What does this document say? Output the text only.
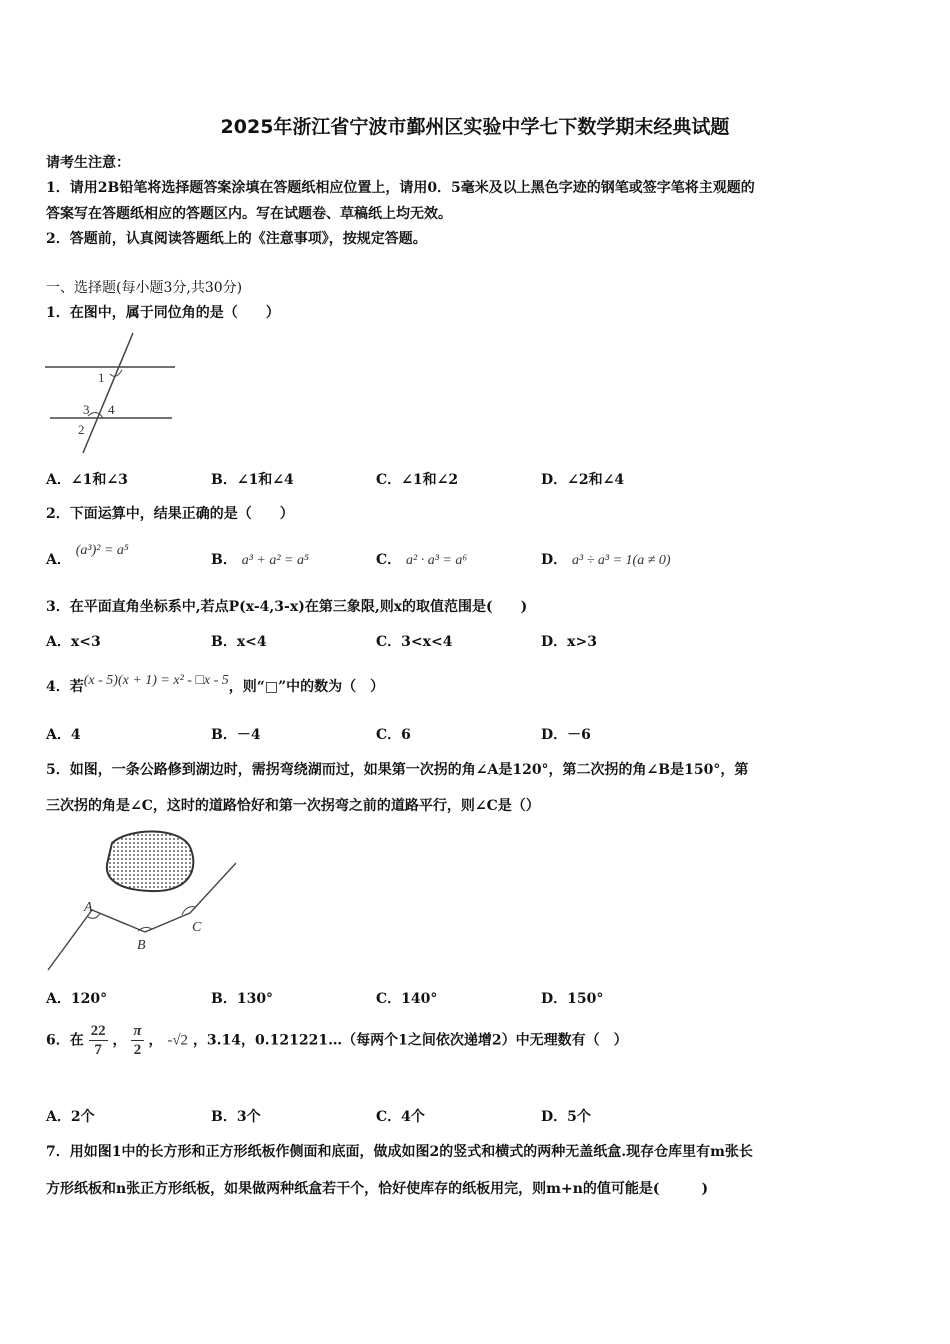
2025年浙江省宁波市鄞州区实验中学七下数学期末经典试题
请考生注意：
1．请用2B铅笔将选择题答案涂填在答题纸相应位置上，请用0．5毫米及以上黑色字迹的钢笔或签字笔将主观题的
答案写在答题纸相应的答题区内。写在试题卷、草稿纸上均无效。
2．答题前，认真阅读答题纸上的《注意事项》，按规定答题。
一、选择题(每小题3分,共30分)
1．在图中，属于同位角的是（　　）
1
3 4
2
A．∠1和∠3	B．∠1和∠4	C．∠1和∠2	D．∠2和∠4
2．下面运算中，结果正确的是（　　）
A． (a³)² = a⁵
B． a³ + a² = a⁵	C． a² · a³ = a⁶	D． a³ ÷ a³ = 1(a ≠ 0)
3．在平面直角坐标系中,若点P(x-4,3-x)在第三象限,则x的取值范围是(　　)
A．x<3	B．x<4	C．3<x<4	D．x>3
4．若(x - 5)(x + 1) = x² - □x - 5，则“□”中的数为（　）
A．4	B．－4	C．6	D．－6
5．如图，一条公路修到湖边时，需拐弯绕湖而过，如果第一次拐的角∠A是120°，第二次拐的角∠B是150°，第
三次拐的角是∠C，这时的道路恰好和第一次拐弯之前的道路平行，则∠C是（）
A
B
C
A．120°	B．130°	C．140°	D．150°
6．在 $\frac{22}{7}$ ， $\frac{\pi}{2}$ ， -√2 ，3.14，0.121221…（每两个1之间依次递增2）中无理数有（　）
A．2个	B．3个	C．4个	D．5个
7．用如图1中的长方形和正方形纸板作侧面和底面，做成如图2的竖式和横式的两种无盖纸盒.现存仓库里有m张长
方形纸板和n张正方形纸板，如果做两种纸盒若干个，恰好使库存的纸板用完，则m+n的值可能是(　　　)
